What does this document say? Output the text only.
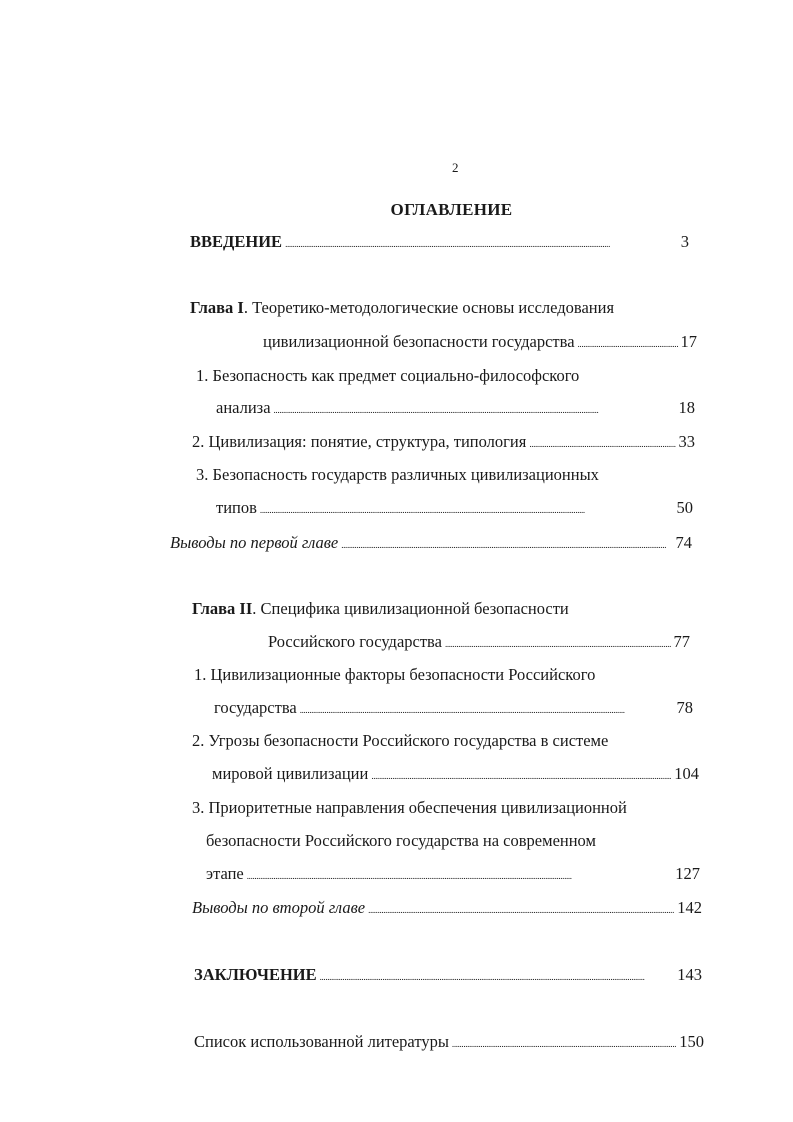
2
ОГЛАВЛЕНИЕ
ВВЕДЕНИЕ . . .	3
Глава I. Теоретико-методологические основы исследования
цивилизационной безопасности государства . . .	17
1. Безопасность как предмет социально-философского
анализа . . .	18
2. Цивилизация: понятие, структура, типология . . .	33
3. Безопасность государств различных цивилизационных
типов . . .	50
Выводы по первой главе . . .	74
Глава II. Специфика цивилизационной безопасности
Российского государства . . .	77
1. Цивилизационные факторы безопасности Российского
государства . . .	78
2. Угрозы безопасности Российского государства в системе
мировой цивилизации . . .	104
3. Приоритетные направления обеспечения цивилизационной
безопасности Российского государства на современном
этапе . . .	127
Выводы по второй главе . . .	142
ЗАКЛЮЧЕНИЕ . . .	143
Список использованной литературы . . .	150
